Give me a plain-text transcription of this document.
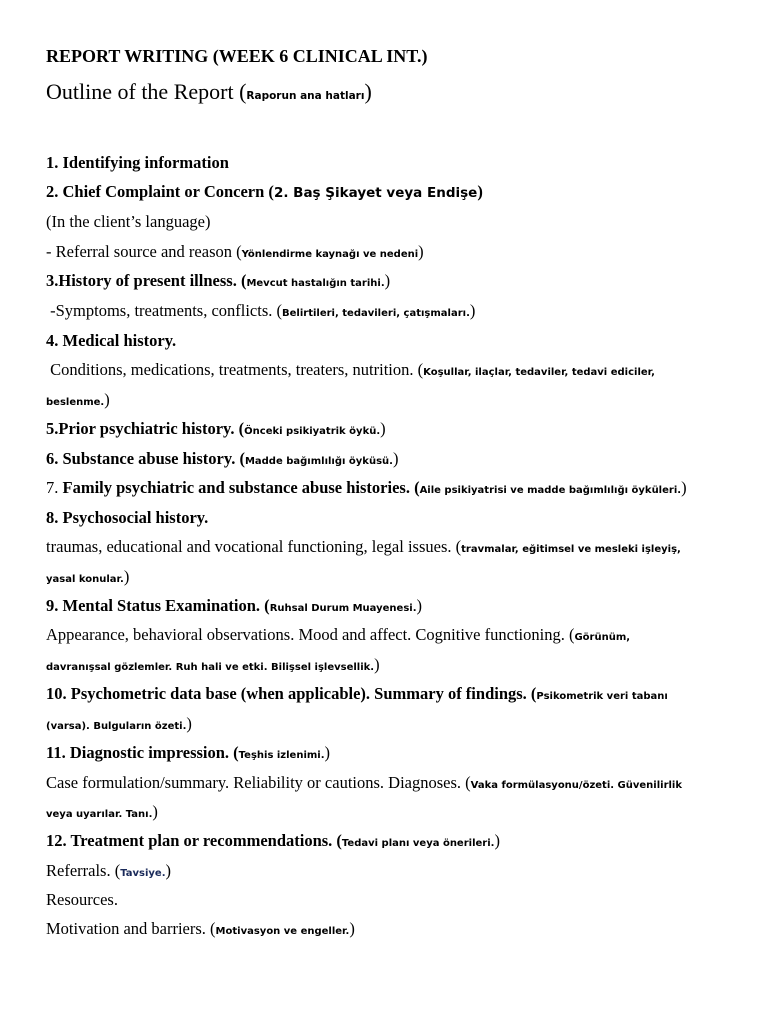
REPORT WRITING (WEEK 6 CLINICAL INT.)
Outline of the Report (Raporun ana hatları)
1. Identifying information
2. Chief Complaint or Concern (2. Baş Şikayet veya Endişe)
(In the client’s language)
- Referral source and reason (Yönlendirme kaynağı ve nedeni)
3.History of present illness. (Mevcut hastalığın tarihi.)
-Symptoms, treatments, conflicts. (Belirtileri, tedavileri, çatışmaları.)
4. Medical history.
Conditions, medications, treatments, treaters, nutrition. (Koşullar, ilaçlar, tedaviler, tedavi ediciler,
beslenme.)
5.Prior psychiatric history. (Önceki psikiyatrik öykü.)
6. Substance abuse history. (Madde bağımlılığı öyküsü.)
7. Family psychiatric and substance abuse histories. (Aile psikiyatrisi ve madde bağımlılığı öyküleri.)
8. Psychosocial history.
traumas, educational and vocational functioning, legal issues. (travmalar, eğitimsel ve mesleki işleyiş,
yasal konular.)
9. Mental Status Examination. (Ruhsal Durum Muayenesi.)
Appearance, behavioral observations. Mood and affect. Cognitive functioning. (Görünüm,
davranışsal gözlemler. Ruh hali ve etki. Bilişsel işlevsellik.)
10. Psychometric data base (when applicable). Summary of findings. (Psikometrik veri tabanı
(varsa). Bulguların özeti.)
11. Diagnostic impression. (Teşhis izlenimi.)
Case formulation/summary. Reliability or cautions. Diagnoses. (Vaka formülasyonu/özeti. Güvenilirlik
veya uyarılar. Tanı.)
12. Treatment plan or recommendations. (Tedavi planı veya önerileri.)
Referrals. (Tavsiye.)
Resources.
Motivation and barriers. (Motivasyon ve engeller.)
